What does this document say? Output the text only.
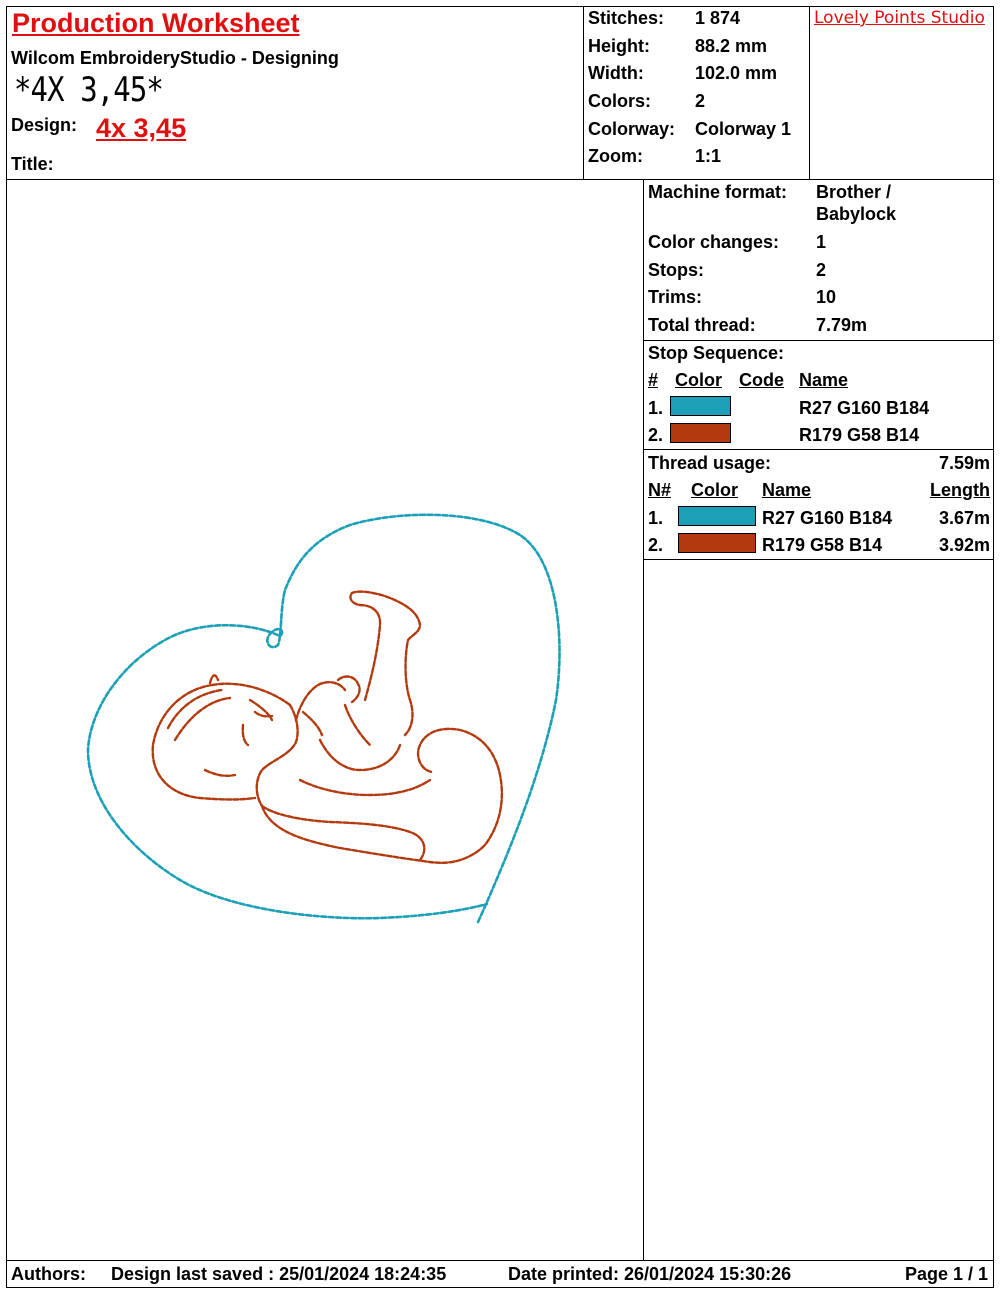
Production Worksheet
Wilcom EmbroideryStudio - Designing
*4X 3,45*
Design: 4x 3,45
Title:
Stitches: 1 874
Height:	88.2 mm
Width:	102.0 mm
Colors: 2
Colorway: Colorway 1
Zoom:	1:1
Lovely Points Studio
Machine format: Brother /
Babylock
Color changes: 1
Stops:	2
Trims:	10
Total thread:	7.79m
Stop Sequence:
# Color Code Name
1.	R27 G160 B184
2.	R179 G58 B14
Thread usage:	7.59m
N# Color Name	Length
1.	R27 G160 B184	3.67m
2.	R179 G58 B14	3.92m
Authors: Design last saved : 25/01/2024 18:24:35	Date printed: 26/01/2024 15:30:26	Page 1 / 1
